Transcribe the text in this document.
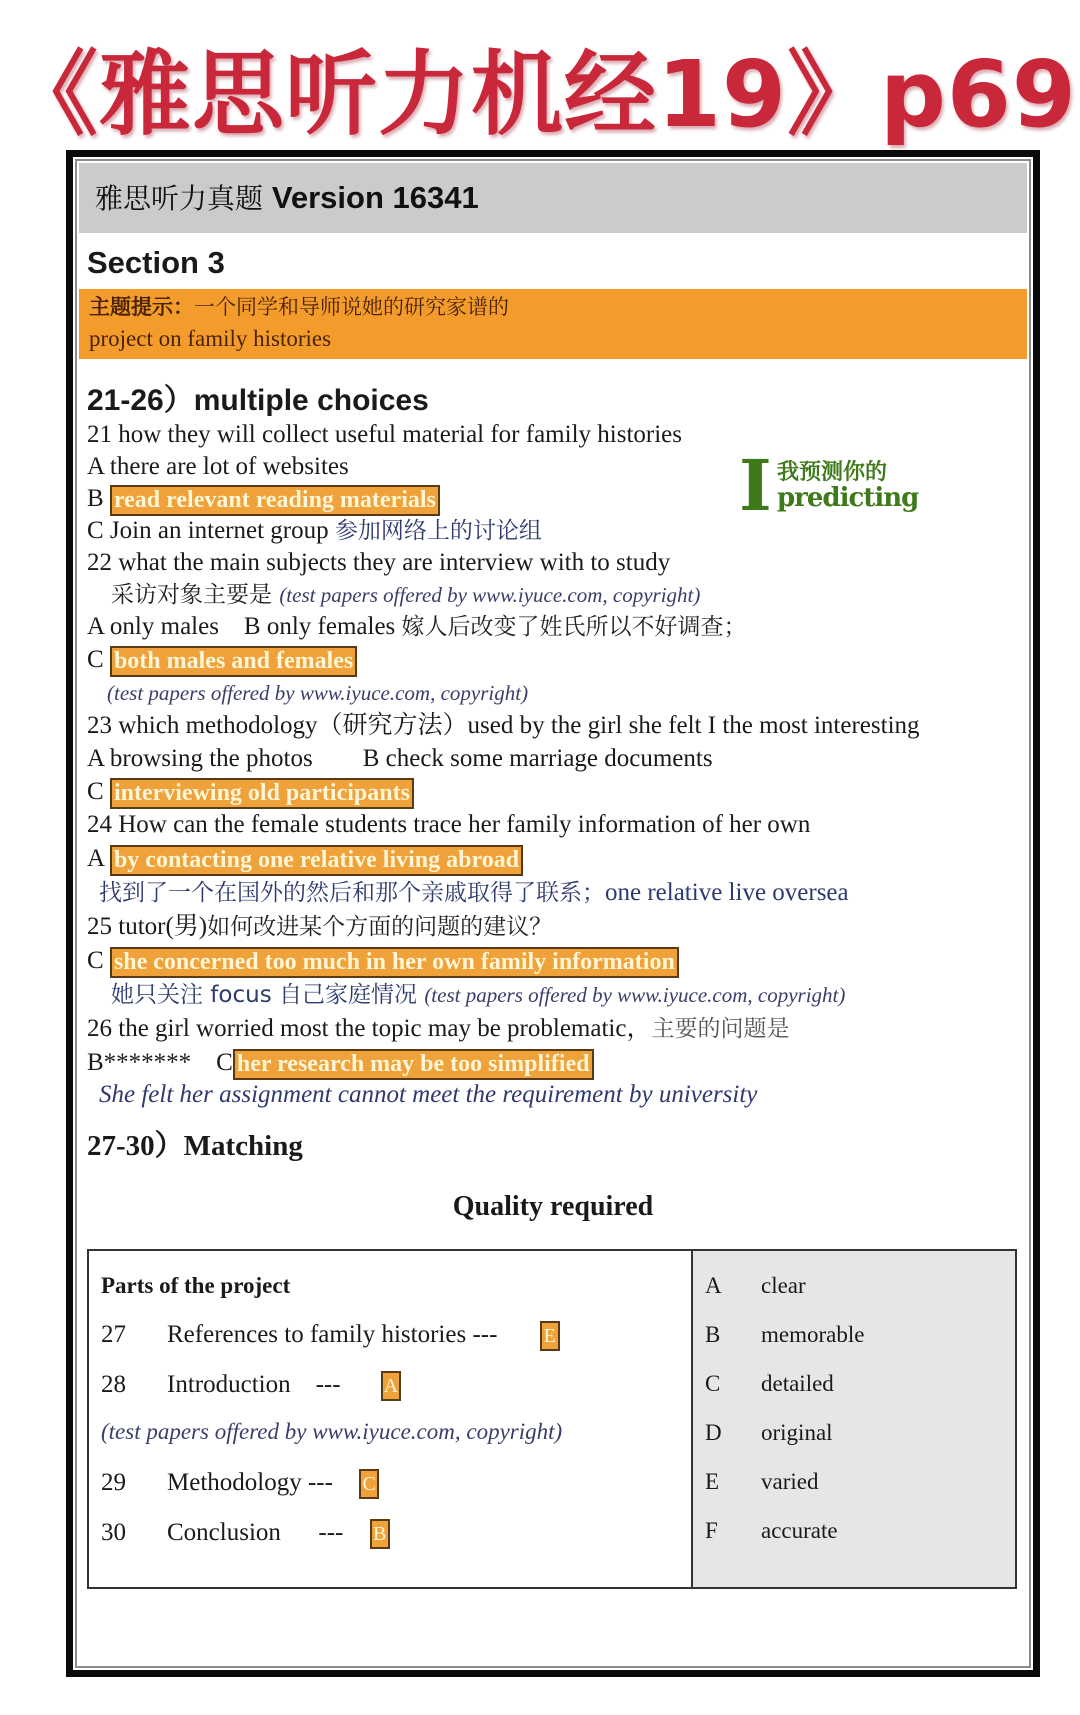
《雅思听力机经19》p69
雅思听力真题 Version 16341
Section 3
主题提示：一个同学和导师说她的研究家谱的
project on family histories
21-26）multiple choices
21 how they will collect useful material for family histories
A there are lot of websites
B read relevant reading materials
C Join an internet group 参加网络上的讨论组
I 我预测你的
predicting
22 what the main subjects they are interview with to study
采访对象主要是 (test papers offered by www.iyuce.com, copyright)
A only males    B only females 嫁人后改变了姓氏所以不好调查；
C both males and females
(test papers offered by www.iyuce.com, copyright)
23 which methodology（研究方法）used by the girl she felt I the most interesting
A browsing the photos        B check some marriage documents
C interviewing old participants
24 How can the female students trace her family information of her own
A by contacting one relative living abroad
找到了一个在国外的然后和那个亲戚取得了联系；one relative live oversea
25 tutor(男)如何改进某个方面的问题的建议？
C she concerned too much in her own family information
她只关注 focus 自己家庭情况 (test papers offered by www.iyuce.com, copyright)
26 the girl worried most the topic may be problematic，主要的问题是
B*******    C her research may be too simplified
She felt her assignment cannot meet the requirement by university
27-30）Matching
Quality required
Parts of the project
27 References to family histories --- E
28 Introduction    --- A
(test papers offered by www.iyuce.com, copyright)
29 Methodology --- C
30 Conclusion      --- B
A clear
B memorable
C detailed
D original
E varied
F accurate
